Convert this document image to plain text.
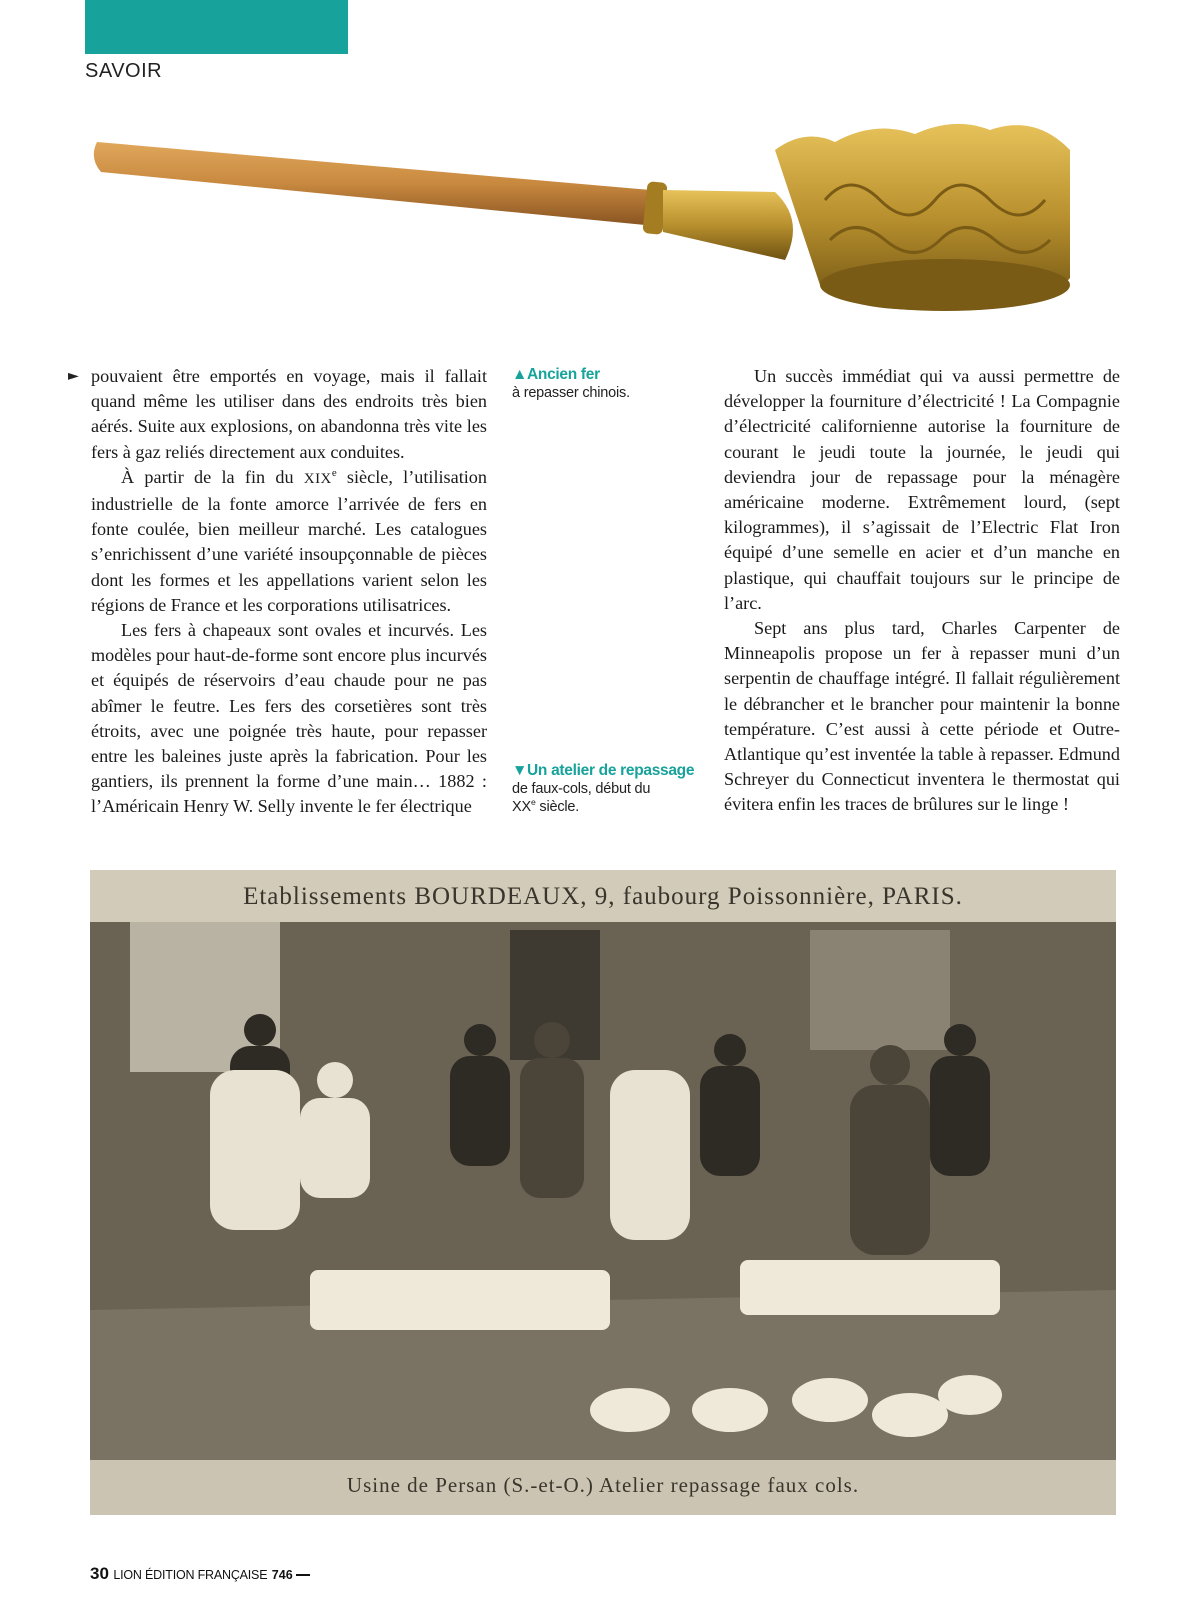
SAVOIR
► pouvaient être emportés en voyage, mais il fallait quand même les utiliser dans des endroits très bien aérés. Suite aux explosions, on abandonna très vite les fers à gaz reliés directement aux conduites.

À partir de la fin du XIXe siècle, l’utilisation industrielle de la fonte amorce l’arrivée de fers en fonte coulée, bien meilleur marché. Les catalogues s’enrichissent d’une variété insoupçonnable de pièces dont les formes et les appellations varient selon les régions de France et les corporations utilisatrices.

Les fers à chapeaux sont ovales et incurvés. Les modèles pour haut-de-forme sont encore plus incurvés et équipés de réservoirs d’eau chaude pour ne pas abîmer le feutre. Les fers des corsetières sont très étroits, avec une poignée très haute, pour repasser entre les baleines juste après la fabrication. Pour les gantiers, ils prennent la forme d’une main… 1882 : l’Américain Henry W. Selly invente le fer électrique

▲Ancien fer
à repasser chinois.
▼Un atelier de repassage
de faux-cols, début du
XXe siècle.

Un succès immédiat qui va aussi permettre de développer la fourniture d’électricité ! La Compagnie d’électricité californienne autorise la fourniture de courant le jeudi toute la journée, le jeudi qui deviendra jour de repassage pour la ménagère américaine moderne. Extrêmement lourd, (sept kilogrammes), il s’agissait de l’Electric Flat Iron équipé d’une semelle en acier et d’un manche en plastique, qui chauffait toujours sur le principe de l’arc.

Sept ans plus tard, Charles Carpenter de Minneapolis propose un fer à repasser muni d’un serpentin de chauffage intégré. Il fallait régulièrement le débrancher et le brancher pour maintenir la bonne température. C’est aussi à cette période et Outre-Atlantique qu’est inventée la table à repasser. Edmund Schreyer du Connecticut inventera le thermostat qui évitera enfin les traces de brûlures sur le linge !

Etablissements BOURDEAUX, 9, faubourg Poissonnière, PARIS.
Usine de Persan (S.-et-O.) Atelier repassage faux cols.
30 LION ÉDITION FRANÇAISE 746
